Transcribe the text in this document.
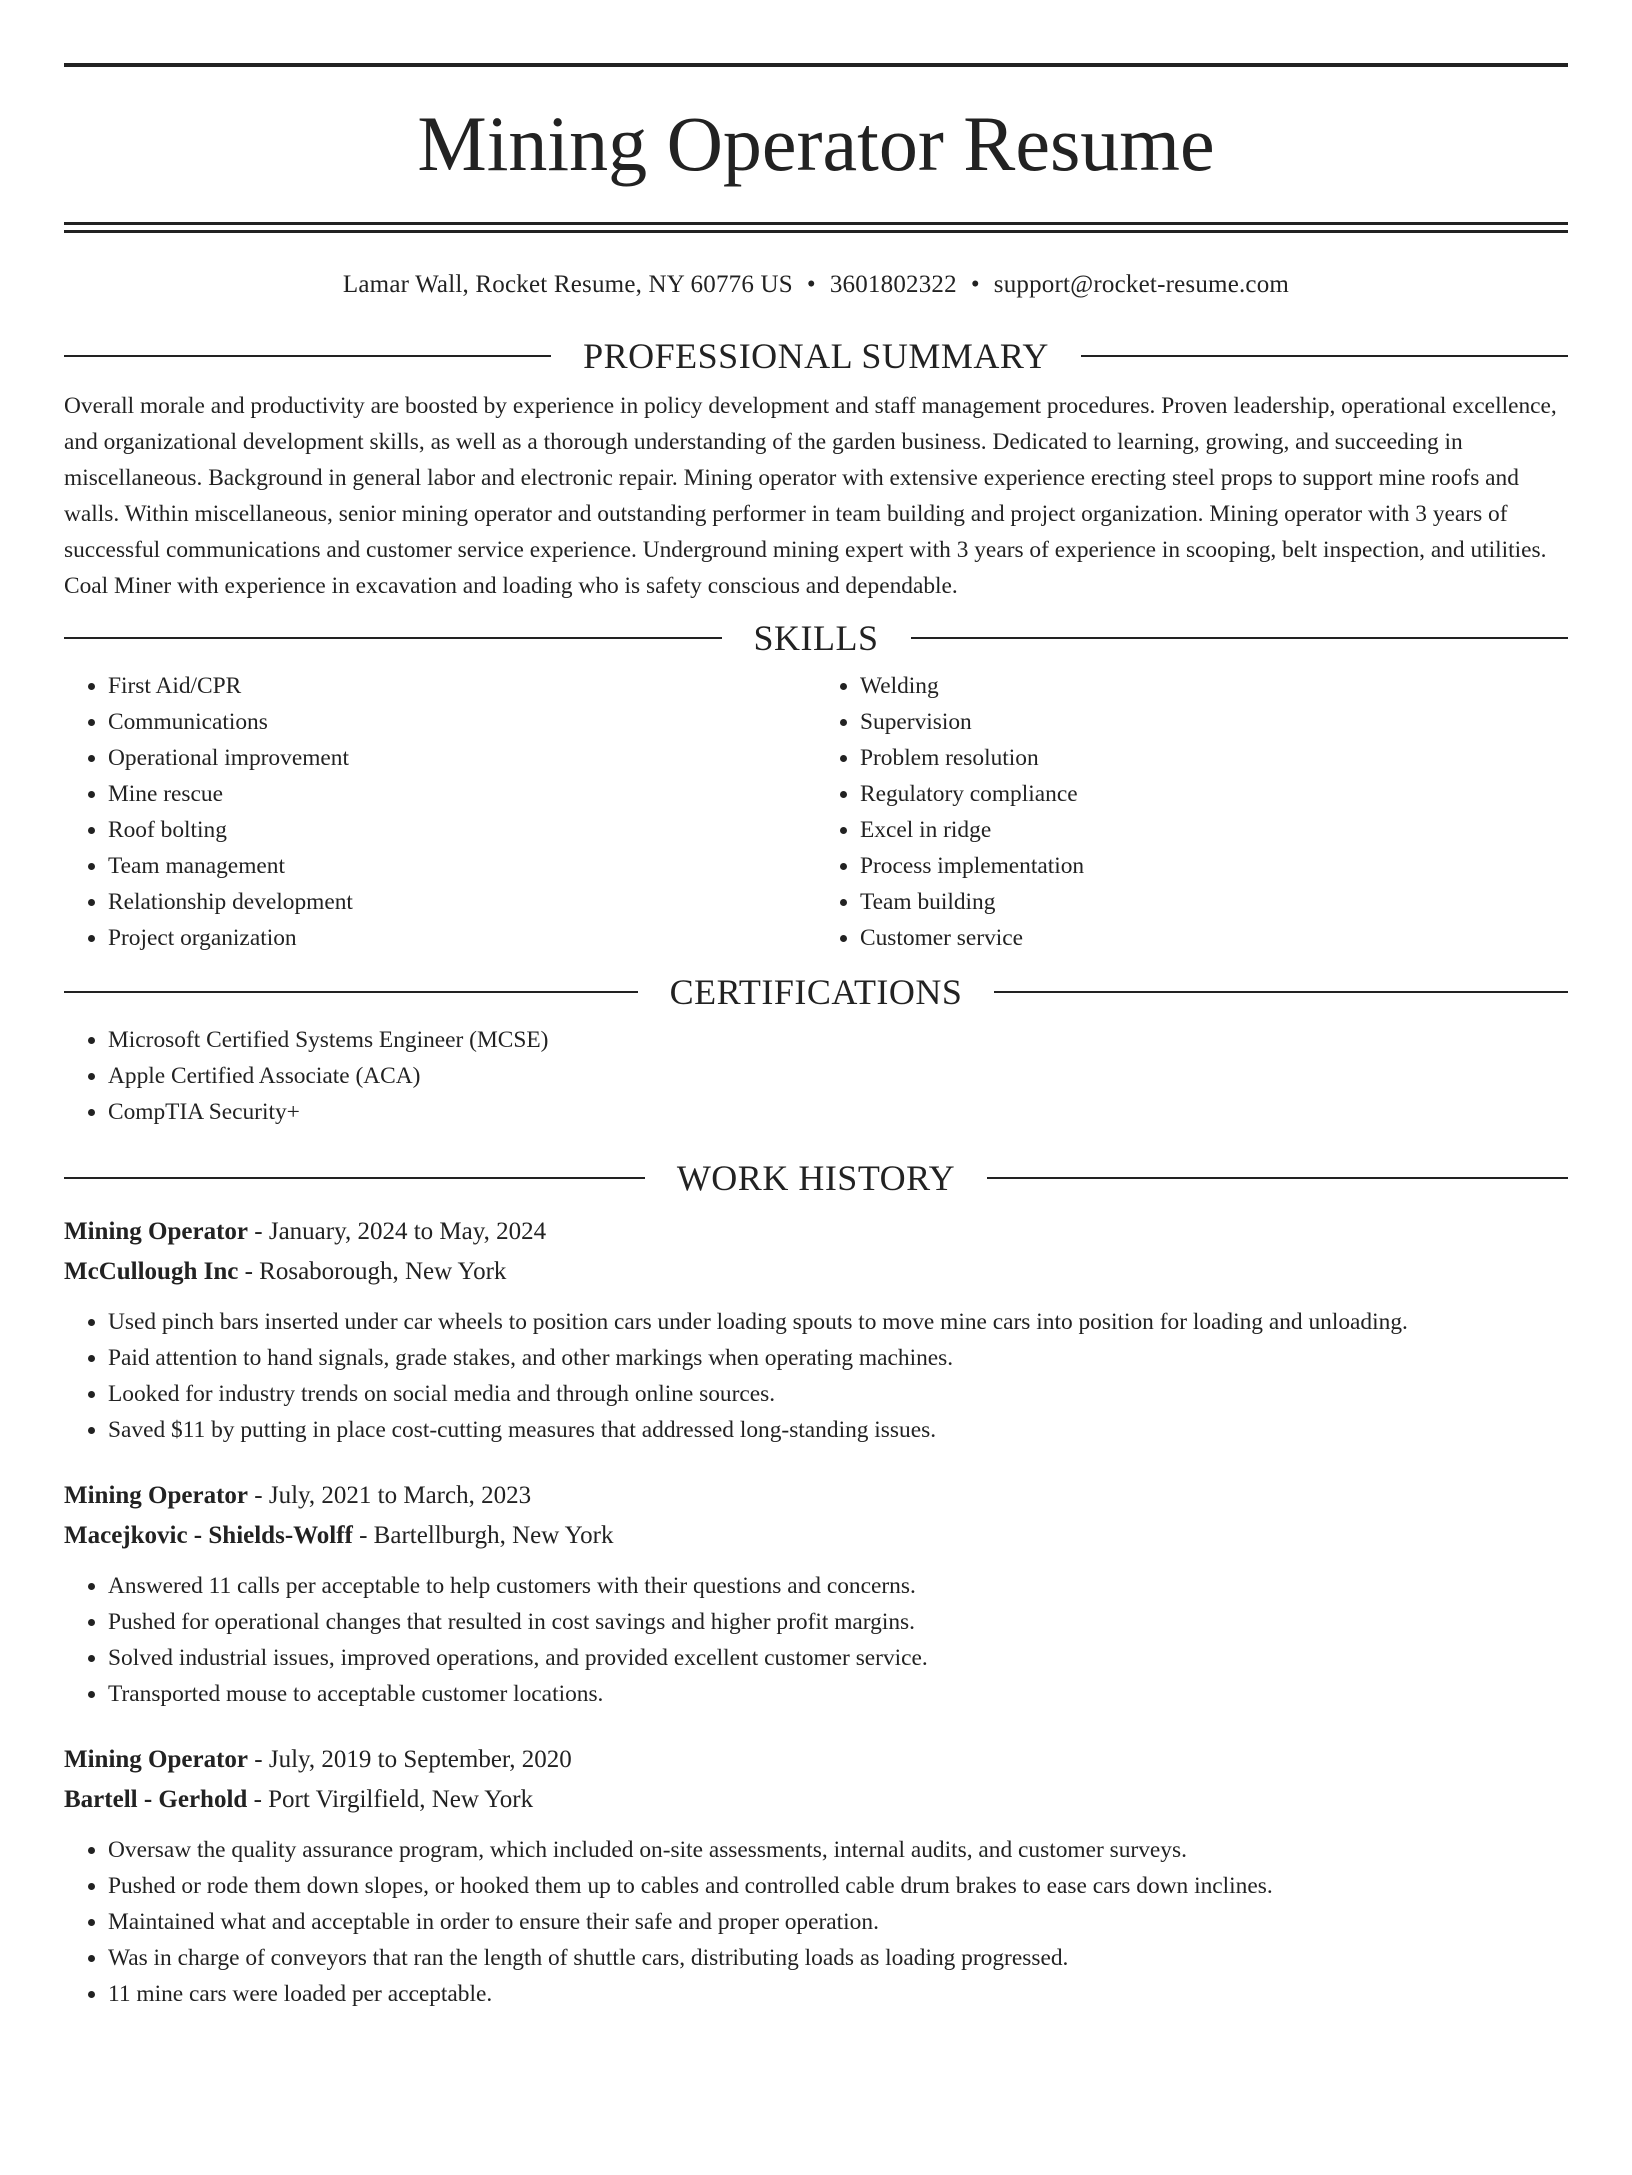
Mining Operator Resume
Lamar Wall, Rocket Resume, NY 60776 US • 3601802322 • support@rocket-resume.com
PROFESSIONAL SUMMARY

Overall morale and productivity are boosted by experience in policy development and staff management procedures. Proven leadership, operational excellence, and organizational development skills, as well as a thorough understanding of the garden business. Dedicated to learning, growing, and succeeding in miscellaneous. Background in general labor and electronic repair. Mining operator with extensive experience erecting steel props to support mine roofs and walls. Within miscellaneous, senior mining operator and outstanding performer in team building and project organization. Mining operator with 3 years of successful communications and customer service experience. Underground mining expert with 3 years of experience in scooping, belt inspection, and utilities. Coal Miner with experience in excavation and loading who is safety conscious and dependable.

SKILLS
• First Aid/CPR
• Communications
• Operational improvement
• Mine rescue
• Roof bolting
• Team management
• Relationship development
• Project organization
• Welding
• Supervision
• Problem resolution
• Regulatory compliance
• Excel in ridge
• Process implementation
• Team building
• Customer service
CERTIFICATIONS
• Microsoft Certified Systems Engineer (MCSE)
• Apple Certified Associate (ACA)
• CompTIA Security+
WORK HISTORY
Mining Operator - January, 2024 to May, 2024
McCullough Inc - Rosaborough, New York
• Used pinch bars inserted under car wheels to position cars under loading spouts to move mine cars into position for loading and unloading.
• Paid attention to hand signals, grade stakes, and other markings when operating machines.
• Looked for industry trends on social media and through online sources.
• Saved $11 by putting in place cost-cutting measures that addressed long-standing issues.
Mining Operator - July, 2021 to March, 2023
Macejkovic - Shields-Wolff - Bartellburgh, New York
• Answered 11 calls per acceptable to help customers with their questions and concerns.
• Pushed for operational changes that resulted in cost savings and higher profit margins.
• Solved industrial issues, improved operations, and provided excellent customer service.
• Transported mouse to acceptable customer locations.
Mining Operator - July, 2019 to September, 2020
Bartell - Gerhold - Port Virgilfield, New York
• Oversaw the quality assurance program, which included on-site assessments, internal audits, and customer surveys.
• Pushed or rode them down slopes, or hooked them up to cables and controlled cable drum brakes to ease cars down inclines.
• Maintained what and acceptable in order to ensure their safe and proper operation.
• Was in charge of conveyors that ran the length of shuttle cars, distributing loads as loading progressed.
• 11 mine cars were loaded per acceptable.
